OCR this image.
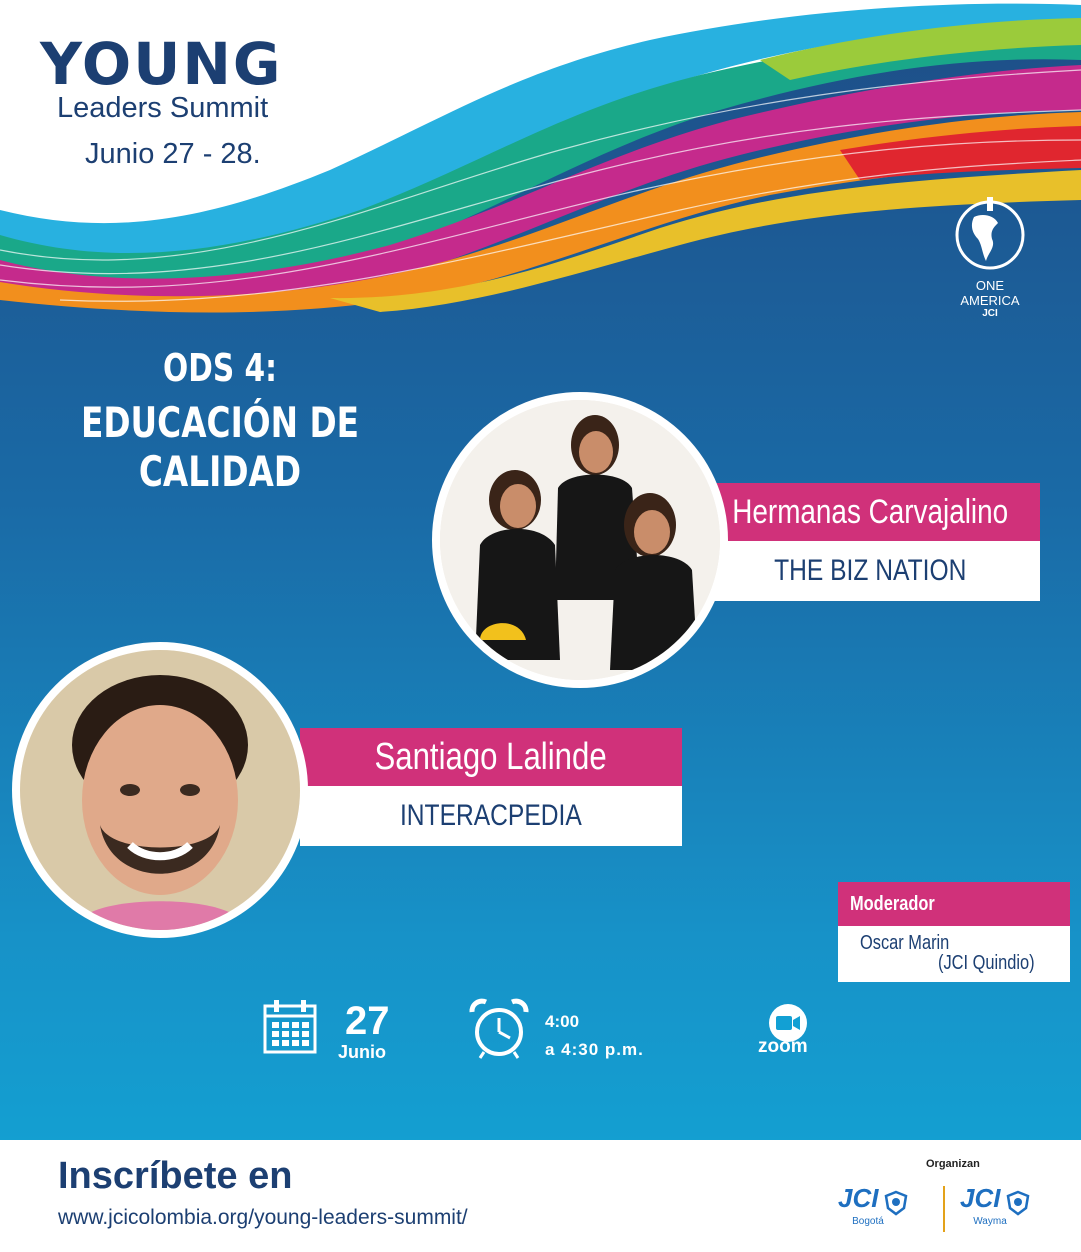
YOUNG
Leaders Summit
Junio 27 - 28.
ONE AMERICA
JCI
ODS 4:
EDUCACIÓN DE CALIDAD
Hermanas Carvajalino
THE BIZ NATION
Santiago Lalinde
INTERACPEDIA
Moderador
Oscar Marin
(JCI Quindio)
27
Junio
4:00
a 4:30 p.m.	zoom
Inscríbete en
www.jcicolombia.org/young-leaders-summit/
Organizan
JCI
Bogotá
JCI
Wayma
